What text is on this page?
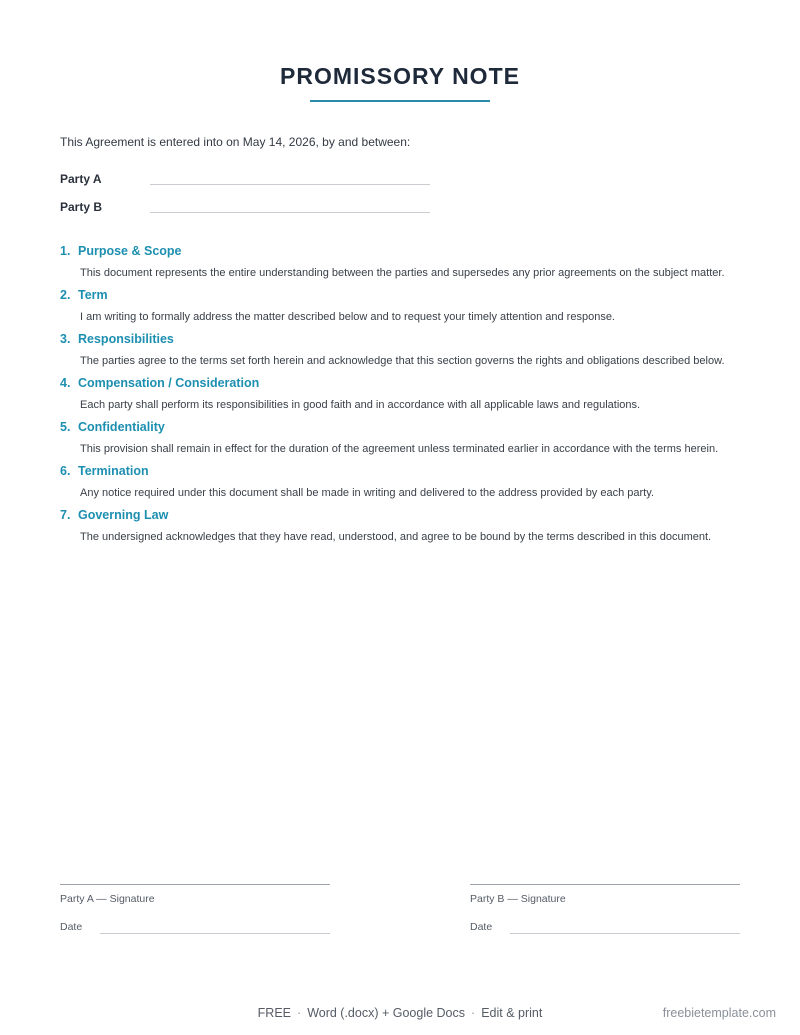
PROMISSORY NOTE
This Agreement is entered into on May 14, 2026, by and between:
Party A
Party B
1. Purpose & Scope
This document represents the entire understanding between the parties and supersedes any prior agreements on the subject matter.
2. Term
I am writing to formally address the matter described below and to request your timely attention and response.
3. Responsibilities
The parties agree to the terms set forth herein and acknowledge that this section governs the rights and obligations described below.
4. Compensation / Consideration
Each party shall perform its responsibilities in good faith and in accordance with all applicable laws and regulations.
5. Confidentiality
This provision shall remain in effect for the duration of the agreement unless terminated earlier in accordance with the terms herein.
6. Termination
Any notice required under this document shall be made in writing and delivered to the address provided by each party.
7. Governing Law
The undersigned acknowledges that they have read, understood, and agree to be bound by the terms described in this document.
Party A — Signature
Date
Party B — Signature
Date
FREE · Word (.docx) + Google Docs · Edit & print	freebietemplate.com
